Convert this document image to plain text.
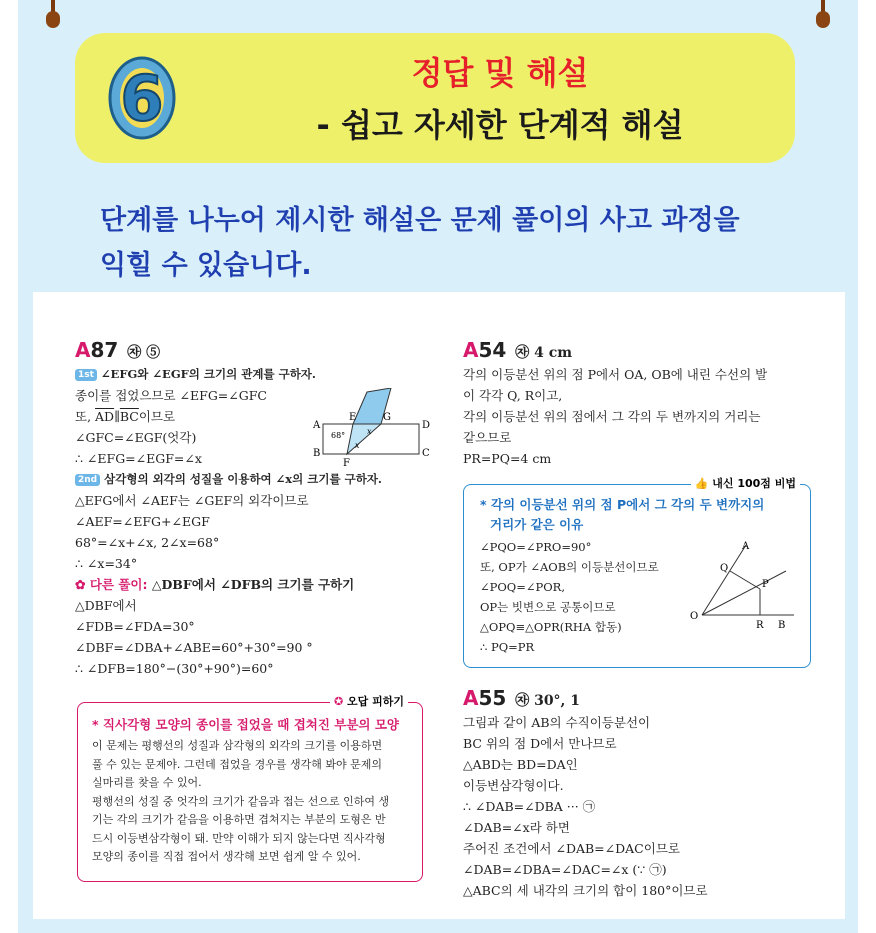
6	정답 및 해설
- 쉽고 자세한 단계적 해설
단계를 나누어 제시한 해설은 문제 풀이의 사고 과정을
익힐 수 있습니다.
A87 ㉶ ⑤
1st ∠EFG와 ∠EGF의 크기의 관계를 구하자.
종이를 접었으므로 ∠EFG=∠GFC
또, $\overline{AD}\parallel\overline{BC}$이므로
∠GFC=∠EGF(엇각)
∴ ∠EFG=∠EGF=∠x
2nd 삼각형의 외각의 성질을 이용하여 ∠x의 크기를 구하자.
△EFG에서 ∠AEF는 ∠GEF의 외각이므로
∠AEF=∠EFG+∠EGF
68°=∠x+∠x, 2∠x=68°
∴ ∠x=34°
✿ 다른 풀이: △DBF에서 ∠DFB의 크기를 구하기
△DBF에서
∠FDB=∠FDA=30°
∠DBF=∠DBA+∠ABE=60°+30°=90 °
∴ ∠DFB=180°−(30°+90°)=60°
A
B	C
D
E
F
G
68°	x
x
✪ 오답 피하기
* 직사각형 모양의 종이를 접었을 때 겹쳐진 부분의 모양
이 문제는 평행선의 성질과 삼각형의 외각의 크기를 이용하면
풀 수 있는 문제야. 그런데 접었을 경우를 생각해 봐야 문제의
실마리를 찾을 수 있어.
평행선의 성질 중 엇각의 크기가 같음과 접는 선으로 인하여 생
기는 각의 크기가 같음을 이용하면 겹쳐지는 부분의 도형은 반
드시 이등변삼각형이 돼. 만약 이해가 되지 않는다면 직사각형
모양의 종이를 직접 접어서 생각해 보면 쉽게 알 수 있어.
A54 ㉶ 4 cm
각의 이등분선 위의 점 P에서 OA, OB에 내린 수선의 발
이 각각 Q, R이고,
각의 이등분선 위의 점에서 그 각의 두 변까지의 거리는
같으므로
PR=PQ=4 cm
👍 내신 100점 비법
* 각의 이등분선 위의 점 P에서 그 각의 두 변까지의
거리가 같은 이유
∠PQO=∠PRO=90°
또, OP가 ∠AOB의 이등분선이므로
∠POQ=∠POR,
OP는 빗변으로 공통이므로
△OPQ≡△OPR(RHA 합동)
∴ PQ=PR
A
Q
P
O
R B
A55 ㉶ 30°, 1
그림과 같이 AB의 수직이등분선이
BC 위의 점 D에서 만나므로
△ABD는 BD=DA인
이등변삼각형이다.
∴ ∠DAB=∠DBA ··· ㉠
∠DAB=∠x라 하면
주어진 조건에서 ∠DAB=∠DAC이므로
∠DAB=∠DBA=∠DAC=∠x (∵ ㉠)
△ABC의 세 내각의 크기의 합이 180°이므로
